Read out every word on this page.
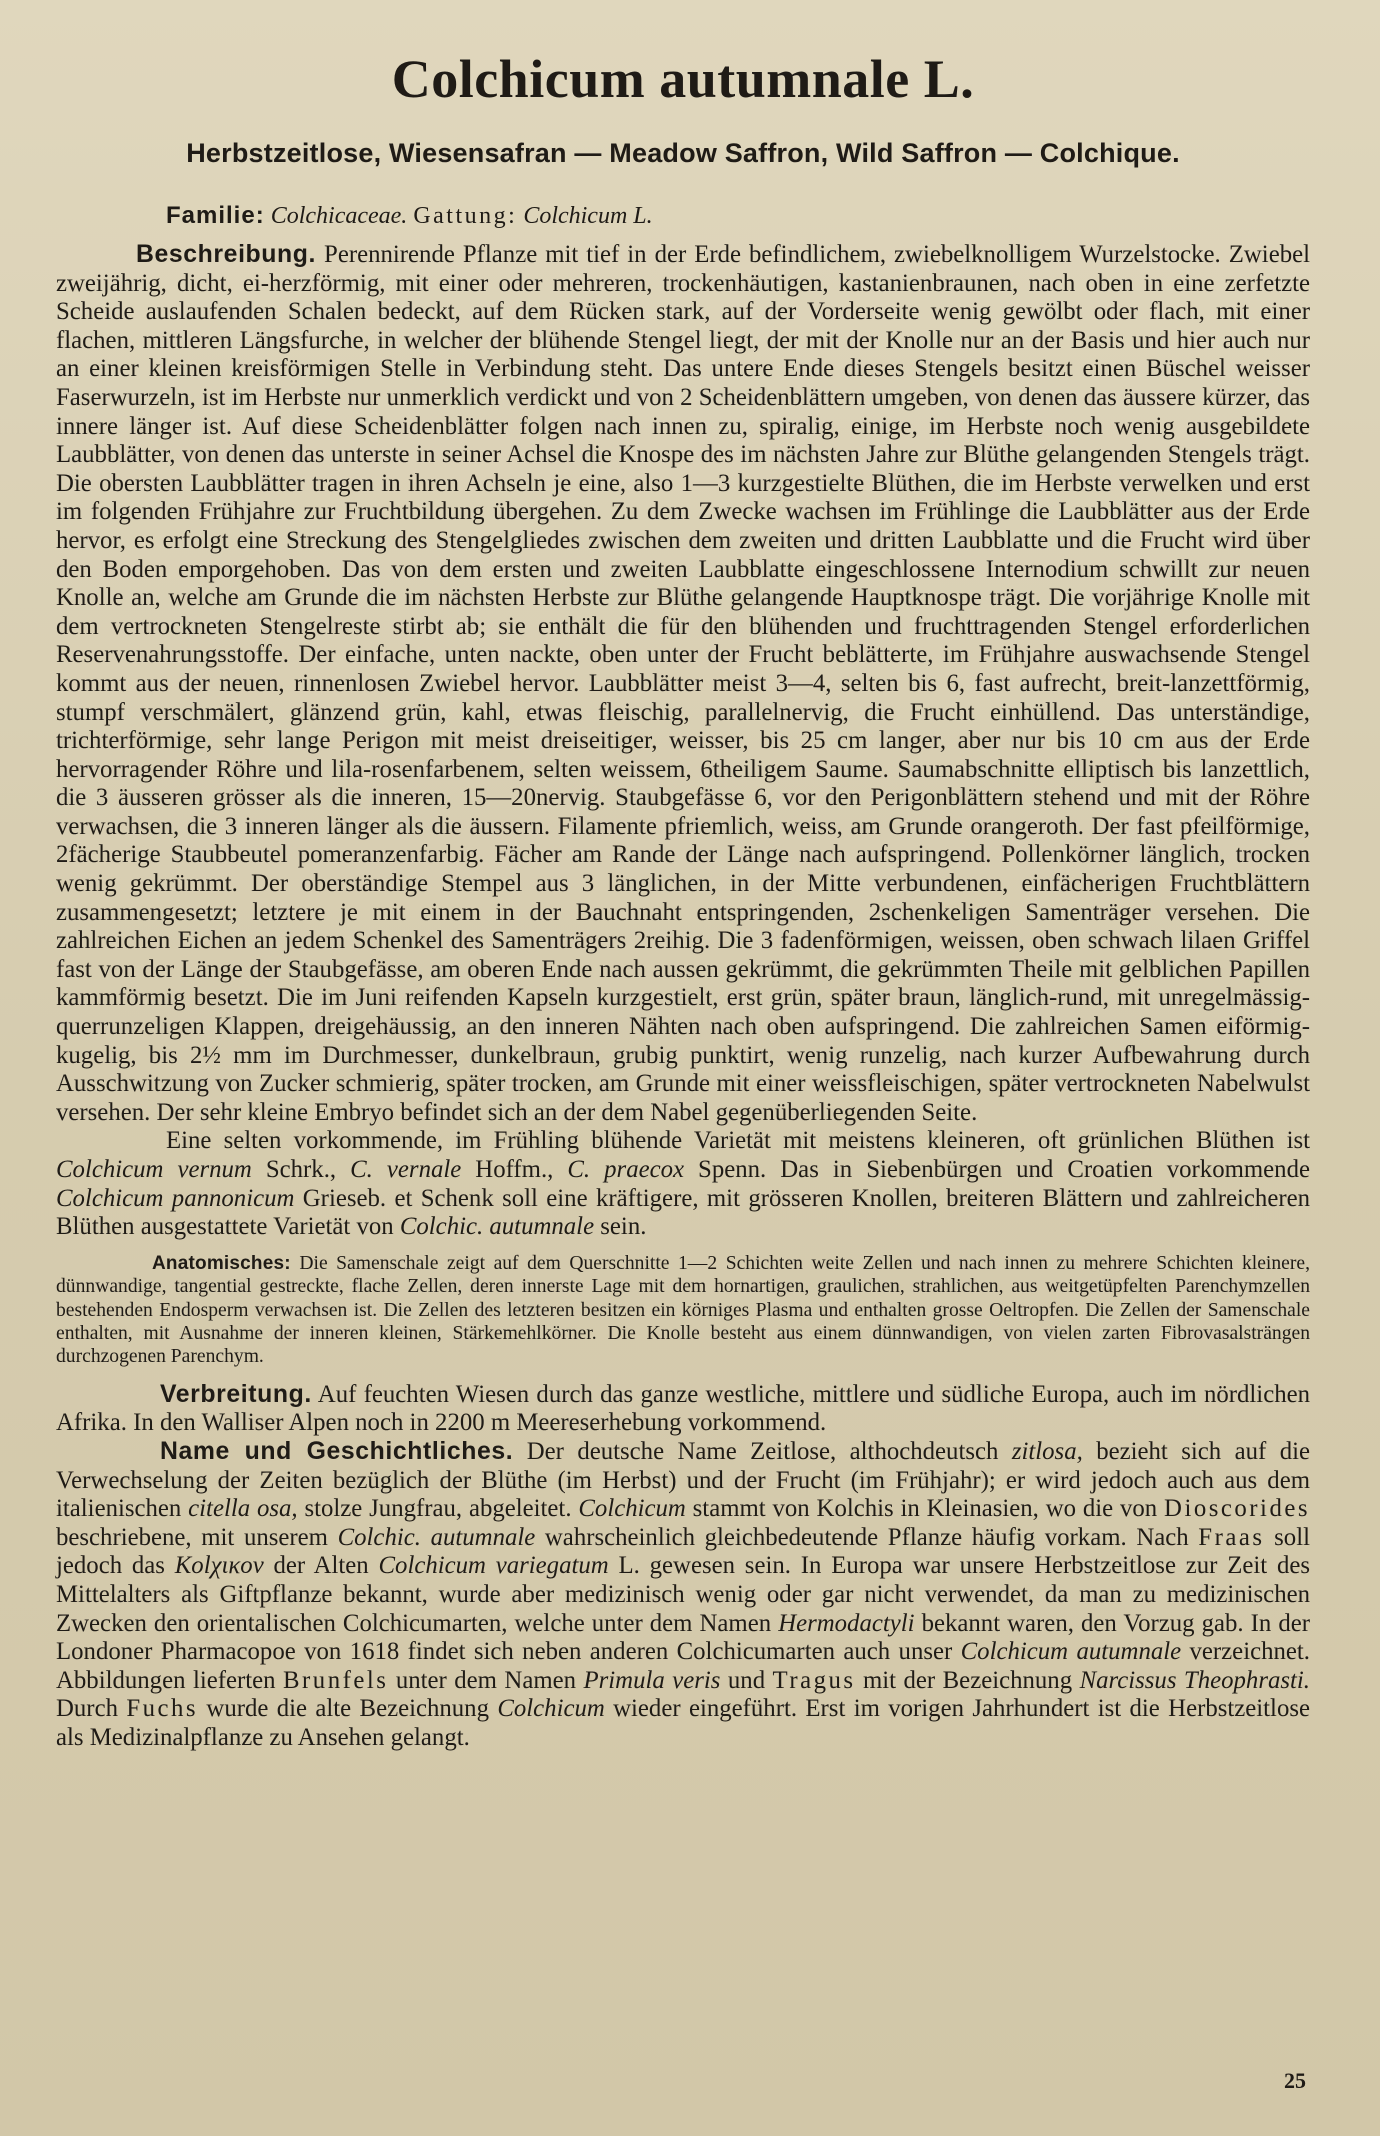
Colchicum autumnale L.
Herbstzeitlose, Wiesensafran — Meadow Saffron, Wild Saffron — Colchique.
Familie: Colchicaceae. Gattung: Colchicum L.

Beschreibung. Perennirende Pflanze mit tief in der Erde befindlichem, zwiebelknolligem Wurzelstocke. Zwiebel zweijährig, dicht, ei-herzförmig, mit einer oder mehreren, trockenhäutigen, kastanienbraunen, nach oben in eine zerfetzte Scheide auslaufenden Schalen bedeckt, auf dem Rücken stark, auf der Vorderseite wenig gewölbt oder flach, mit einer flachen, mittleren Längsfurche, in welcher der blühende Stengel liegt, der mit der Knolle nur an der Basis und hier auch nur an einer kleinen kreisförmigen Stelle in Verbindung steht. Das untere Ende dieses Stengels besitzt einen Büschel weisser Faserwurzeln, ist im Herbste nur unmerklich verdickt und von 2 Scheidenblättern umgeben, von denen das äussere kürzer, das innere länger ist. Auf diese Scheidenblätter folgen nach innen zu, spiralig, einige, im Herbste noch wenig ausgebildete Laubblätter, von denen das unterste in seiner Achsel die Knospe des im nächsten Jahre zur Blüthe gelangenden Stengels trägt. Die obersten Laubblätter tragen in ihren Achseln je eine, also 1—3 kurzgestielte Blüthen, die im Herbste verwelken und erst im folgenden Frühjahre zur Fruchtbildung übergehen. Zu dem Zwecke wachsen im Frühlinge die Laubblätter aus der Erde hervor, es erfolgt eine Streckung des Stengelgliedes zwischen dem zweiten und dritten Laubblatte und die Frucht wird über den Boden emporgehoben. Das von dem ersten und zweiten Laubblatte eingeschlossene Internodium schwillt zur neuen Knolle an, welche am Grunde die im nächsten Herbste zur Blüthe gelangende Hauptknospe trägt. Die vorjährige Knolle mit dem vertrockneten Stengelreste stirbt ab; sie enthält die für den blühenden und fruchttragenden Stengel erforderlichen Reservenahrungsstoffe. Der einfache, unten nackte, oben unter der Frucht beblätterte, im Frühjahre auswachsende Stengel kommt aus der neuen, rinnenlosen Zwiebel hervor. Laubblätter meist 3—4, selten bis 6, fast aufrecht, breit-lanzettförmig, stumpf verschmälert, glänzend grün, kahl, etwas fleischig, parallelnervig, die Frucht einhüllend. Das unterständige, trichterförmige, sehr lange Perigon mit meist dreiseitiger, weisser, bis 25 cm langer, aber nur bis 10 cm aus der Erde hervorragender Röhre und lila-rosenfarbenem, selten weissem, 6theiligem Saume. Saumabschnitte elliptisch bis lanzettlich, die 3 äusseren grösser als die inneren, 15—20nervig. Staubgefässe 6, vor den Perigonblättern stehend und mit der Röhre verwachsen, die 3 inneren länger als die äussern. Filamente pfriemlich, weiss, am Grunde orangeroth. Der fast pfeilförmige, 2fächerige Staubbeutel pomeranzenfarbig. Fächer am Rande der Länge nach aufspringend. Pollenkörner länglich, trocken wenig gekrümmt. Der oberständige Stempel aus 3 länglichen, in der Mitte verbundenen, einfächerigen Fruchtblättern zusammengesetzt; letztere je mit einem in der Bauchnaht entspringenden, 2schenkeligen Samenträger versehen. Die zahlreichen Eichen an jedem Schenkel des Samenträgers 2reihig. Die 3 fadenförmigen, weissen, oben schwach lilaen Griffel fast von der Länge der Staubgefässe, am oberen Ende nach aussen gekrümmt, die gekrümmten Theile mit gelblichen Papillen kammförmig besetzt. Die im Juni reifenden Kapseln kurzgestielt, erst grün, später braun, länglich-rund, mit unregelmässig-querrunzeligen Klappen, dreigehäussig, an den inneren Nähten nach oben aufspringend. Die zahlreichen Samen eiförmig-kugelig, bis 2½ mm im Durchmesser, dunkelbraun, grubig punktirt, wenig runzelig, nach kurzer Aufbewahrung durch Ausschwitzung von Zucker schmierig, später trocken, am Grunde mit einer weissfleischigen, später vertrockneten Nabelwulst versehen. Der sehr kleine Embryo befindet sich an der dem Nabel gegenüberliegenden Seite.

Eine selten vorkommende, im Frühling blühende Varietät mit meistens kleineren, oft grünlichen Blüthen ist Colchicum vernum Schrk., C. vernale Hoffm., C. praecox Spenn. Das in Siebenbürgen und Croatien vorkommende Colchicum pannonicum Grieseb. et Schenk soll eine kräftigere, mit grösseren Knollen, breiteren Blättern und zahlreicheren Blüthen ausgestattete Varietät von Colchic. autumnale sein.

Anatomisches: Die Samenschale zeigt auf dem Querschnitte 1—2 Schichten weite Zellen und nach innen zu mehrere Schichten kleinere, dünnwandige, tangential gestreckte, flache Zellen, deren innerste Lage mit dem hornartigen, graulichen, strahlichen, aus weitgetüpfelten Parenchymzellen bestehenden Endosperm verwachsen ist. Die Zellen des letzteren besitzen ein körniges Plasma und enthalten grosse Oeltropfen. Die Zellen der Samenschale enthalten, mit Ausnahme der inneren kleinen, Stärkemehlkörner. Die Knolle besteht aus einem dünnwandigen, von vielen zarten Fibrovasalsträngen durchzogenen Parenchym.

Verbreitung. Auf feuchten Wiesen durch das ganze westliche, mittlere und südliche Europa, auch im nördlichen Afrika. In den Walliser Alpen noch in 2200 m Meereserhebung vorkommend.

Name und Geschichtliches. Der deutsche Name Zeitlose, althochdeutsch zitlosa, bezieht sich auf die Verwechselung der Zeiten bezüglich der Blüthe (im Herbst) und der Frucht (im Frühjahr); er wird jedoch auch aus dem italienischen citella osa, stolze Jungfrau, abgeleitet. Colchicum stammt von Kolchis in Kleinasien, wo die von Dioscorides beschriebene, mit unserem Colchic. autumnale wahrscheinlich gleichbedeutende Pflanze häufig vorkam. Nach Fraas soll jedoch das Kolχικον der Alten Colchicum variegatum L. gewesen sein. In Europa war unsere Herbstzeitlose zur Zeit des Mittelalters als Giftpflanze bekannt, wurde aber medizinisch wenig oder gar nicht verwendet, da man zu medizinischen Zwecken den orientalischen Colchicumarten, welche unter dem Namen Hermodactyli bekannt waren, den Vorzug gab. In der Londoner Pharmacopoe von 1618 findet sich neben anderen Colchicumarten auch unser Colchicum autumnale verzeichnet. Abbildungen lieferten Brunfels unter dem Namen Primula veris und Tragus mit der Bezeichnung Narcissus Theophrasti. Durch Fuchs wurde die alte Bezeichnung Colchicum wieder eingeführt. Erst im vorigen Jahrhundert ist die Herbstzeitlose als Medizinalpflanze zu Ansehen gelangt.

25
